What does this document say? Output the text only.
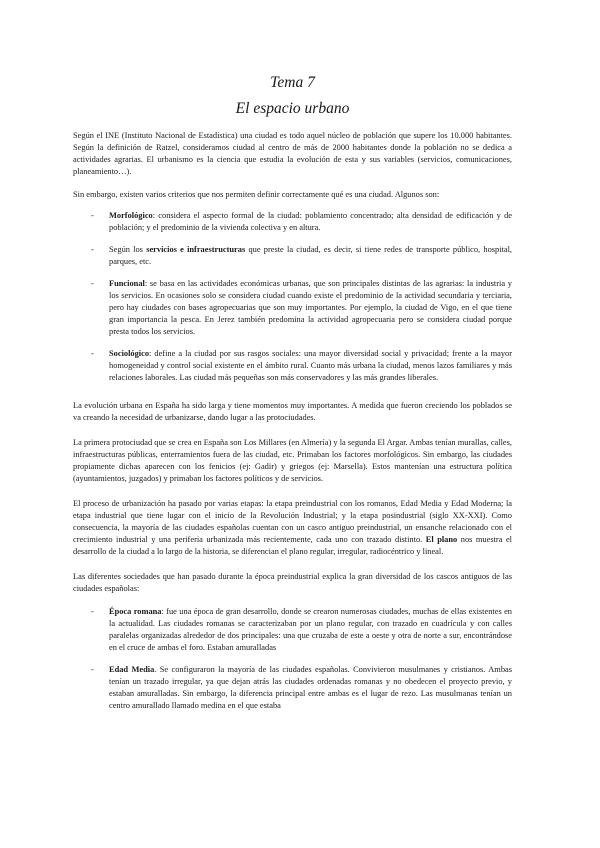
Tema 7
El espacio urbano

Según el INE (Instituto Nacional de Estadística) una ciudad es todo aquel núcleo de población que supere los 10.000 habitantes. Según la definición de Ratzel, consideramos ciudad al centro de más de 2000 habitantes donde la población no se dedica a actividades agrarias. El urbanismo es la ciencia que estudia la evolución de esta y sus variables (servicios, comunicaciones, planeamiento…).

Sin embargo, existen varios criterios que nos permiten definir correctamente qué es una ciudad. Algunos son:

- Morfológico: considera el aspecto formal de la ciudad: poblamiento concentrado; alta densidad de edificación y de población; y el predominio de la vivienda colectiva y en altura.
- Según los servicios e infraestructuras que preste la ciudad, es decir, si tiene redes de transporte público, hospital, parques, etc.
- Funcional: se basa en las actividades económicas urbanas, que son principales distintas de las agrarias: la industria y los servicios. En ocasiones solo se considera ciudad cuando existe el predominio de la actividad secundaria y terciaria, pero hay ciudades con bases agropecuarias que son muy importantes. Por ejemplo, la ciudad de Vigo, en el que tiene gran importancia la pesca. En Jerez también predomina la actividad agropecuaria pero se considera ciudad porque presta todos los servicios.
- Sociológico: define a la ciudad por sus rasgos sociales: una mayor diversidad social y privacidad; frente a la mayor homogeneidad y control social existente en el ámbito rural. Cuanto más urbana la ciudad, menos lazos familiares y más relaciones laborales. Las ciudad más pequeñas son más conservadores y las más grandes liberales.

La evolución urbana en España ha sido larga y tiene momentos muy importantes. A medida que fueron creciendo los poblados se va creando la necesidad de urbanizarse, dando lugar a las protociudades.

La primera protociudad que se crea en España son Los Millares (en Almería) y la segunda El Argar. Ambas tenían murallas, calles, infraestructuras públicas, enterramientos fuera de las ciudad, etc. Primaban los factores morfológicos. Sin embargo, las ciudades propiamente dichas aparecen con los fenicios (ej: Gadir) y griegos (ej: Marsella). Estos mantenían una estructura política (ayuntamientos, juzgados) y primaban los factores políticos y de servicios.

El proceso de urbanización ha pasado por varias etapas: la etapa preindustrial con los romanos, Edad Media y Edad Moderna; la etapa industrial que tiene lugar con el inicio de la Revolución Industrial; y la etapa posindustrial (siglo XX-XXI). Como consecuencia, la mayoría de las ciudades españolas cuentan con un casco antiguo preindustrial, un ensanche relacionado con el crecimiento industrial y una periferia urbanizada más recientemente, cada uno con trazado distinto. El plano nos muestra el desarrollo de la ciudad a lo largo de la historia, se diferencian el plano regular, irregular, radiocéntrico y lineal.

Las diferentes sociedades que han pasado durante la época preindustrial explica la gran diversidad de los cascos antiguos de las ciudades españolas:

- Época romana: fue una época de gran desarrollo, donde se crearon numerosas ciudades, muchas de ellas existentes en la actualidad. Las ciudades romanas se caracterizaban por un plano regular, con trazado en cuadrícula y con calles paralelas organizadas alrededor de dos principales: una que cruzaba de este a oeste y otra de norte a sur, encontrándose en el cruce de ambas el foro. Estaban amuralladas
- Edad Media. Se configuraron la mayoría de las ciudades españolas. Convivieron musulmanes y cristianos. Ambas tenían un trazado irregular, ya que dejan atrás las ciudades ordenadas romanas y no obedecen el proyecto previo, y estaban amuralladas. Sin embargo, la diferencia principal entre ambas es el lugar de rezo. Las musulmanas tenían un centro amurallado llamado medina en el que estaba
